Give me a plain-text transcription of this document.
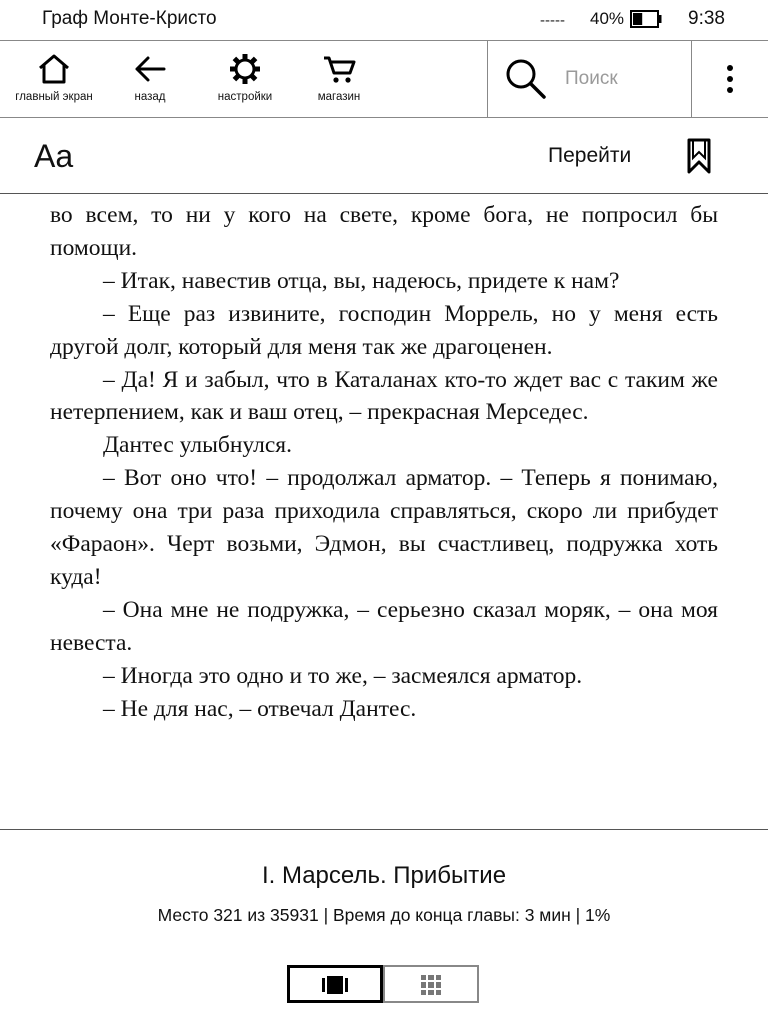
Граф Монте-Кристо	----- 40%	9:38
главный экран	назад	настройки	магазин
Поиск
Aa	Перейти

во всем, то ни у кого на свете, кроме бога, не попросил бы помощи.

– Итак, навестив отца, вы, надеюсь, придете к нам?

– Еще раз извините, господин Моррель, но у меня есть другой долг, который для меня так же драгоценен.

– Да! Я и забыл, что в Каталанах кто-то ждет вас с таким же нетерпением, как и ваш отец, – прекрасная Мерседес.

Дантес улыбнулся.

– Вот оно что! – продолжал арматор. – Теперь я понимаю, почему она три раза приходила справляться, скоро ли прибудет «Фараон». Черт возьми, Эдмон, вы счастливец, подружка хоть куда!

– Она мне не подружка, – серьезно сказал моряк, – она моя невеста.

– Иногда это одно и то же, – засмеялся арматор.

– Не для нас, – отвечал Дантес.

I. Марсель. Прибытие
Место 321 из 35931 | Время до конца главы: 3 мин | 1%
